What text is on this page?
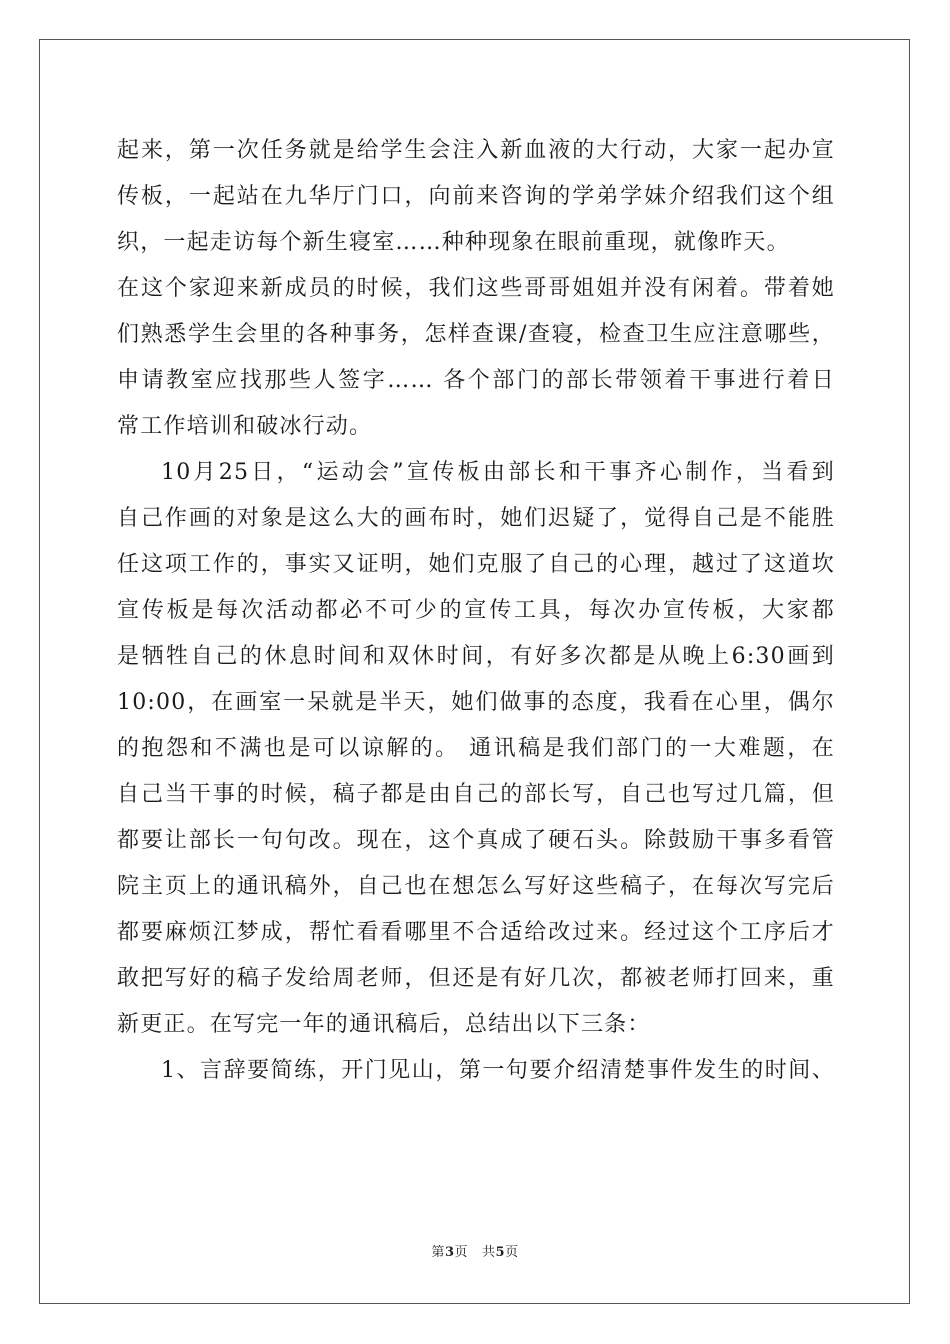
起来，第一次任务就是给学生会注入新血液的大行动，大家一起办宣
传板，一起站在九华厅门口，向前来咨询的学弟学妹介绍我们这个组
织，一起走访每个新生寝室……种种现象在眼前重现，就像昨天。
在这个家迎来新成员的时候，我们这些哥哥姐姐并没有闲着。带着她
们熟悉学生会里的各种事务，怎样查课/查寝，检查卫生应注意哪些，
申请教室应找那些人签字…… 各个部门的部长带领着干事进行着日
常工作培训和破冰行动。
10月25日，“运动会”宣传板由部长和干事齐心制作，当看到
自己作画的对象是这么大的画布时，她们迟疑了，觉得自己是不能胜
任这项工作的，事实又证明，她们克服了自己的心理，越过了这道坎
宣传板是每次活动都必不可少的宣传工具，每次办宣传板，大家都
是牺牲自己的休息时间和双休时间，有好多次都是从晚上6:30画到
10:00，在画室一呆就是半天，她们做事的态度，我看在心里，偶尔
的抱怨和不满也是可以谅解的。 通讯稿是我们部门的一大难题，在
自己当干事的时候，稿子都是由自己的部长写，自己也写过几篇，但
都要让部长一句句改。现在，这个真成了硬石头。除鼓励干事多看管
院主页上的通讯稿外，自己也在想怎么写好这些稿子，在每次写完后
都要麻烦江梦成，帮忙看看哪里不合适给改过来。经过这个工序后才
敢把写好的稿子发给周老师，但还是有好几次，都被老师打回来，重
新更正。在写完一年的通讯稿后，总结出以下三条：
1、言辞要简练，开门见山，第一句要介绍清楚事件发生的时间、
第3页 共5页
